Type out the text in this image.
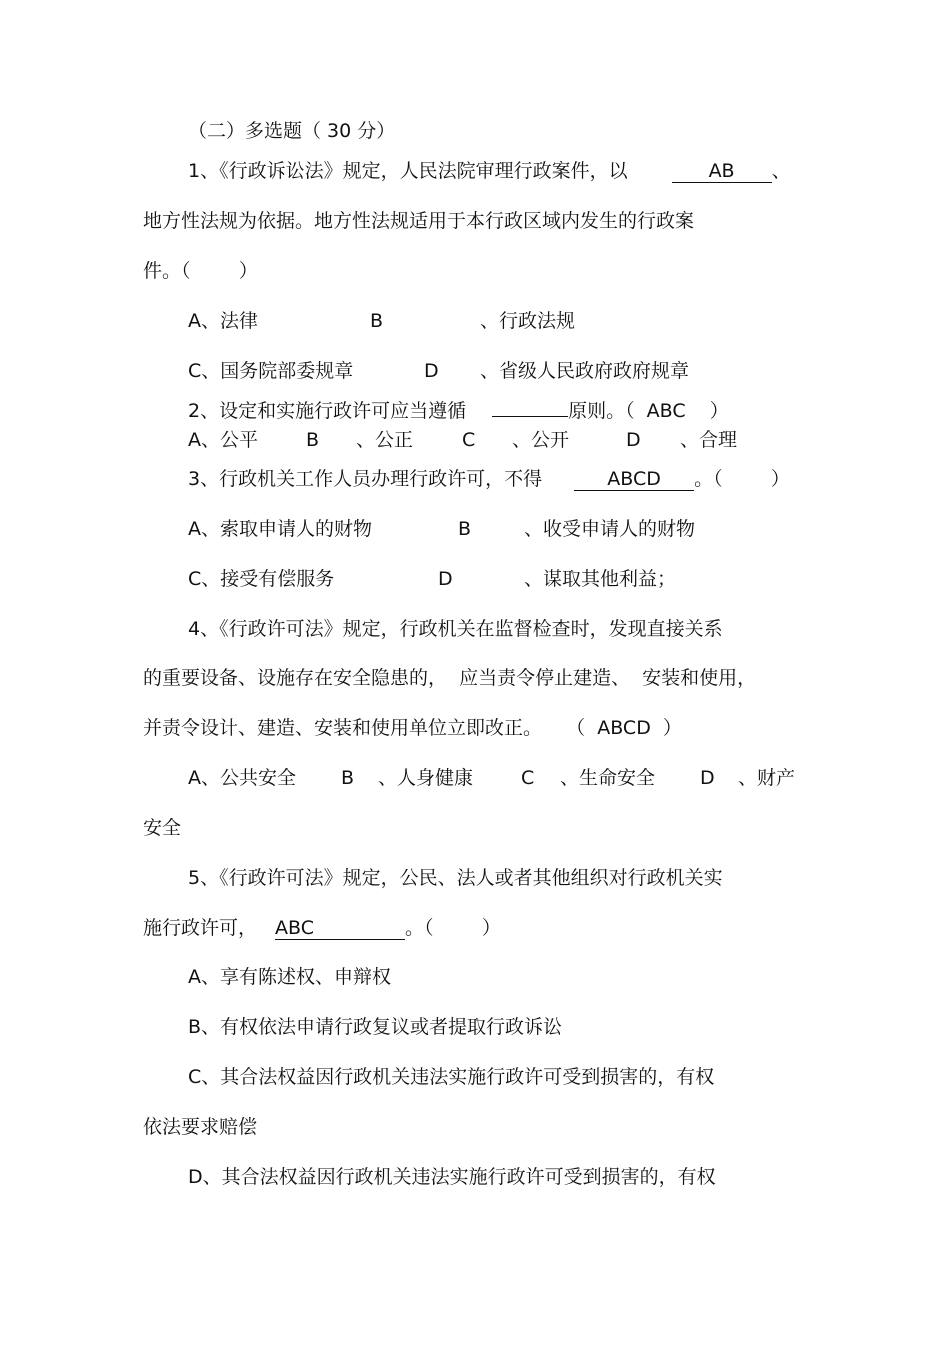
（二）多选题（ 30 分）
1、《行政诉讼法》规定，人民法院审理行政案件，以	AB 、
地方性法规为依据。地方性法规适用于本行政区域内发生的行政案
件。（        ）
A、法律	B	、行政法规
C、国务院部委规章	D 、省级人民政府政府规章
2、设定和实施行政许可应当遵循	原则。（  ABC    ）
A、公平	B 、公正	C 、公开	D 、合理
3、行政机关工作人员办理行政许可，不得	ABCD 。（        ）
A、索取申请人的财物	B	、收受申请人的财物
C、接受有偿服务	D	、谋取其他利益；
4、《行政许可法》规定，行政机关在监督检查时，发现直接关系
的重要设备、设施存在安全隐患的，  应当责令停止建造、  安装和使用，
并责令设计、建造、安装和使用单位立即改正。    （  ABCD  ）
A、公共安全 B 、人身健康	C 、生命安全 D 、财产
安全
5、《行政许可法》规定，公民、法人或者其他组织对行政机关实
施行政许可， ABC	。（        ）
A、享有陈述权、申辩权
B、有权依法申请行政复议或者提取行政诉讼
C、其合法权益因行政机关违法实施行政许可受到损害的，有权
依法要求赔偿
D、其合法权益因行政机关违法实施行政许可受到损害的，有权
